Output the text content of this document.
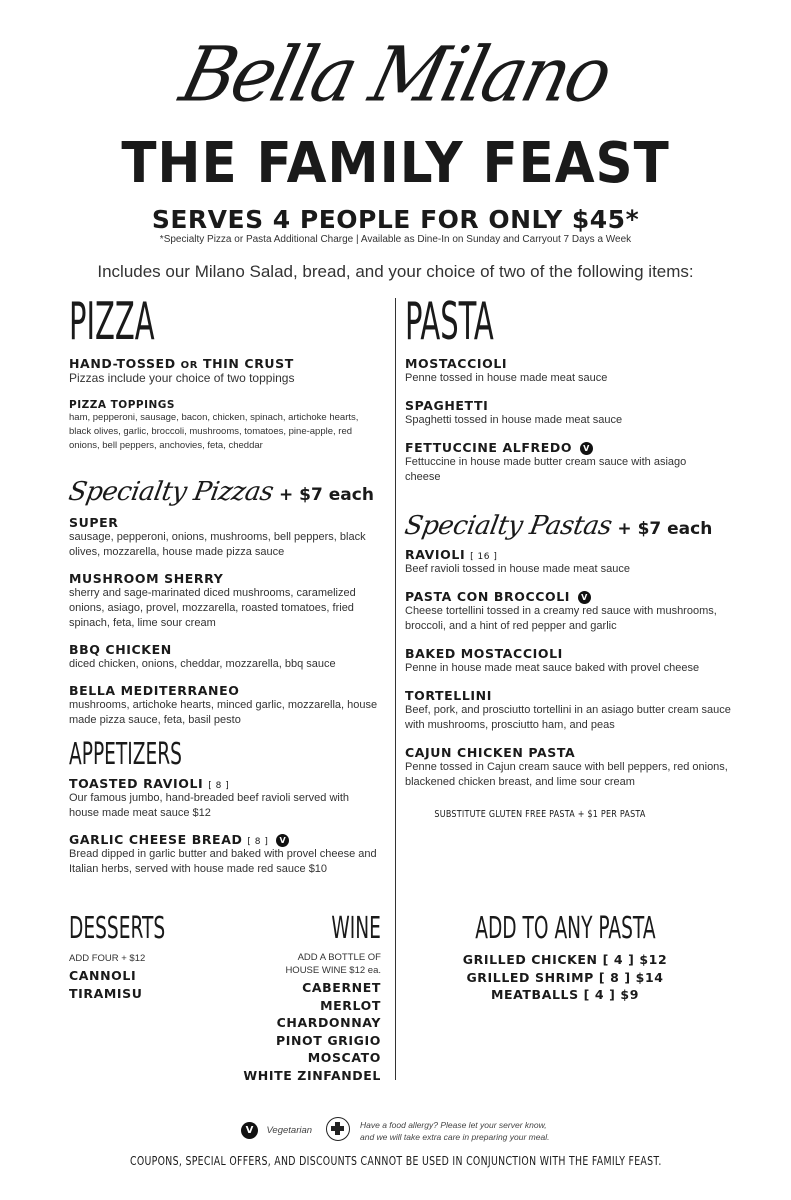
Bella Milano
THE FAMILY FEAST
SERVES 4 PEOPLE FOR ONLY $45*
*Specialty Pizza or Pasta Additional Charge | Available as Dine-In on Sunday and Carryout 7 Days a Week
Includes our Milano Salad, bread, and your choice of two of the following items:
PIZZA
HAND-TOSSED OR THIN CRUST
Pizzas include your choice of two toppings
PIZZA TOPPINGS
ham, pepperoni, sausage, bacon, chicken, spinach, artichoke hearts, black olives, garlic, broccoli, mushrooms, tomatoes, pine-apple, red onions, bell peppers, anchovies, feta, cheddar
Specialty Pizzas + $7 each
SUPER
sausage, pepperoni, onions, mushrooms, bell peppers, black olives, mozzarella, house made pizza sauce
MUSHROOM SHERRY
sherry and sage-marinated diced mushrooms, caramelized onions, asiago, provel, mozzarella, roasted tomatoes, fried spinach, feta, lime sour cream
BBQ CHICKEN
diced chicken, onions, cheddar, mozzarella, bbq sauce
BELLA MEDITERRANEO
mushrooms, artichoke hearts, minced garlic, mozzarella, house made pizza sauce, feta, basil pesto
APPETIZERS
TOASTED RAVIOLI [ 8 ]
Our famous jumbo, hand-breaded beef ravioli served with house made meat sauce $12
GARLIC CHEESE BREAD [ 8 ] V
Bread dipped in garlic butter and baked with provel cheese and Italian herbs, served with house made red sauce $10
DESSERTS
ADD FOUR + $12
CANNOLI
TIRAMISU
WINE
ADD A BOTTLE OF
HOUSE WINE $12 ea.
CABERNET
MERLOT
CHARDONNAY
PINOT GRIGIO
MOSCATO
WHITE ZINFANDEL
PASTA
MOSTACCIOLI
Penne tossed in house made meat sauce
SPAGHETTI
Spaghetti tossed in house made meat sauce
FETTUCCINE ALFREDO V
Fettuccine in house made butter cream sauce with asiago cheese
Specialty Pastas + $7 each
RAVIOLI [ 16 ]
Beef ravioli tossed in house made meat sauce
PASTA CON BROCCOLI V
Cheese tortellini tossed in a creamy red sauce with mushrooms, broccoli, and a hint of red pepper and garlic
BAKED MOSTACCIOLI
Penne in house made meat sauce baked with provel cheese
TORTELLINI
Beef, pork, and prosciutto tortellini in an asiago butter cream sauce with mushrooms, prosciutto ham, and peas
CAJUN CHICKEN PASTA
Penne tossed in Cajun cream sauce with bell peppers, red onions, blackened chicken breast, and lime sour cream
SUBSTITUTE GLUTEN FREE PASTA + $1 PER PASTA
ADD TO ANY PASTA
GRILLED CHICKEN [ 4 ] $12
GRILLED SHRIMP [ 8 ] $14
MEATBALLS [ 4 ] $9
V Vegetarian
Have a food allergy? Please let your server know,
and we will take extra care in preparing your meal.
COUPONS, SPECIAL OFFERS, AND DISCOUNTS CANNOT BE USED IN CONJUNCTION WITH THE FAMILY FEAST.
